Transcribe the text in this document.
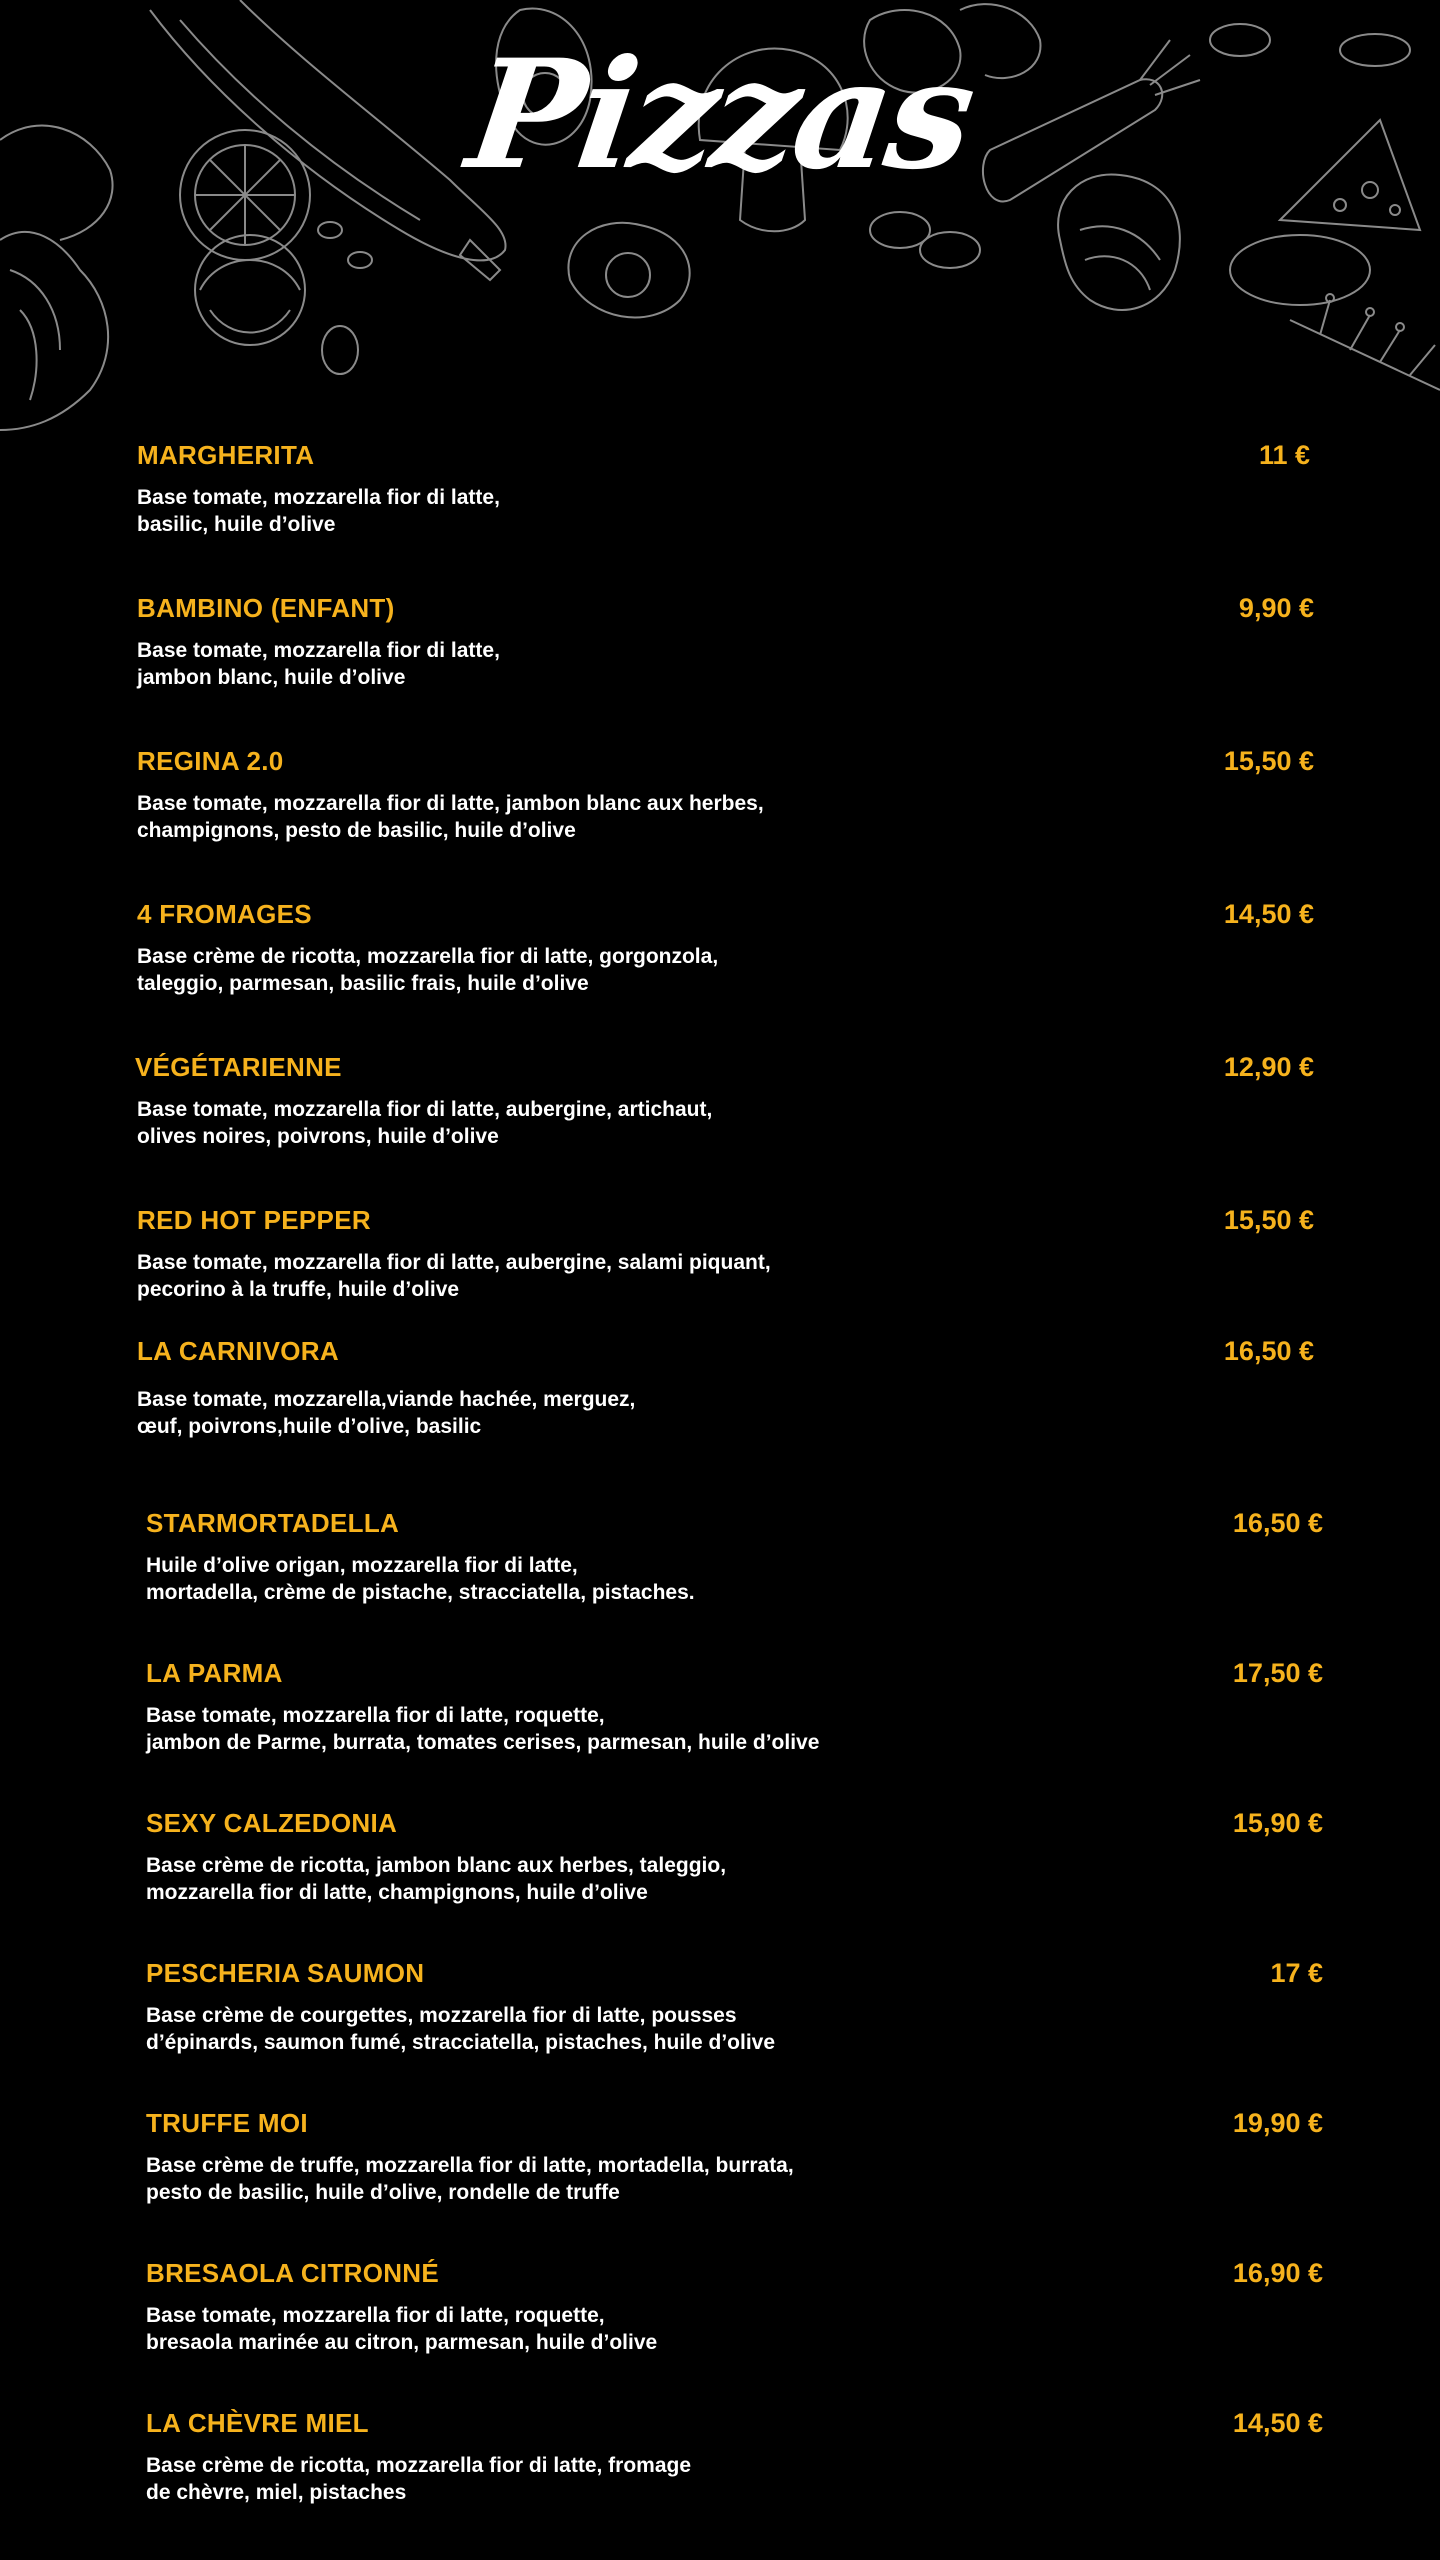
Pizzas
MARGHERITA	11 €
Base tomate, mozzarella fior di latte,
basilic, huile d’olive
BAMBINO (ENFANT)	9,90 €
Base tomate, mozzarella fior di latte,
jambon blanc, huile d’olive
REGINA 2.0	15,50 €
Base tomate, mozzarella fior di latte, jambon blanc aux herbes,
champignons, pesto de basilic, huile d’olive
4 FROMAGES	14,50 €
Base crème de ricotta, mozzarella fior di latte, gorgonzola,
taleggio, parmesan, basilic frais, huile d’olive
VÉGÉTARIENNE	12,90 €
Base tomate, mozzarella fior di latte, aubergine, artichaut,
olives noires, poivrons, huile d’olive
RED HOT PEPPER	15,50 €
Base tomate, mozzarella fior di latte, aubergine, salami piquant,
pecorino à la truffe, huile d’olive
LA CARNIVORA	16,50 €
Base tomate, mozzarella,viande hachée, merguez,
œuf, poivrons,huile d’olive, basilic
STARMORTADELLA	16,50 €
Huile d’olive origan, mozzarella fior di latte,
mortadella, crème de pistache, stracciatella, pistaches.
LA PARMA	17,50 €
Base tomate, mozzarella fior di latte, roquette,
jambon de Parme, burrata, tomates cerises, parmesan, huile d’olive
SEXY CALZEDONIA	15,90 €
Base crème de ricotta, jambon blanc aux herbes, taleggio,
mozzarella fior di latte, champignons, huile d’olive
PESCHERIA SAUMON	17 €
Base crème de courgettes, mozzarella fior di latte, pousses
d’épinards, saumon fumé, stracciatella, pistaches, huile d’olive
TRUFFE MOI	19,90 €
Base crème de truffe, mozzarella fior di latte, mortadella, burrata,
pesto de basilic, huile d’olive, rondelle de truffe
BRESAOLA CITRONNÉ	16,90 €
Base tomate, mozzarella fior di latte, roquette,
bresaola marinée au citron, parmesan, huile d’olive
LA CHÈVRE MIEL	14,50 €
Base crème de ricotta, mozzarella fior di latte, fromage
de chèvre, miel, pistaches
